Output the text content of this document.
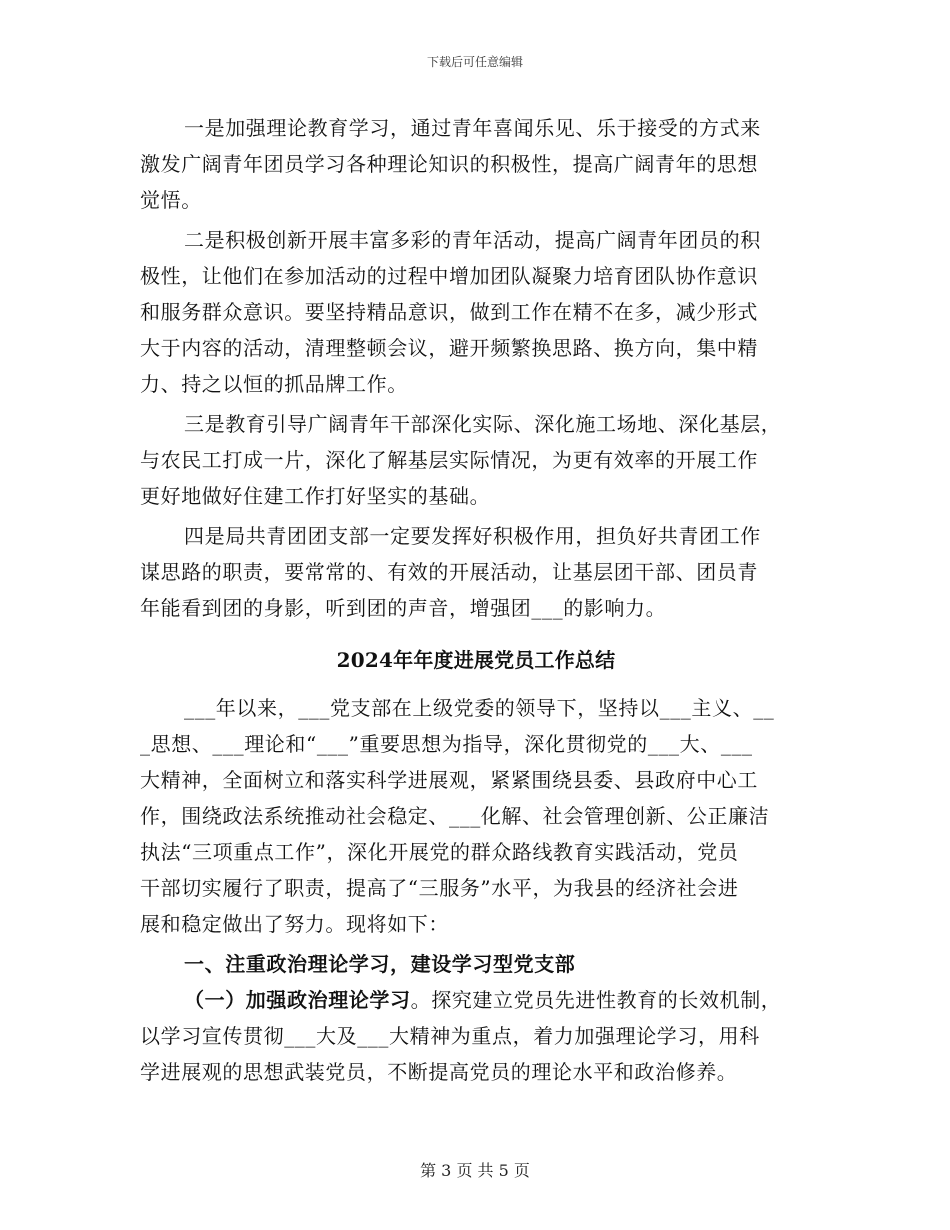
下载后可任意编辑
一是加强理论教育学习，通过青年喜闻乐见、乐于接受的方式来
激发广阔青年团员学习各种理论知识的积极性，提高广阔青年的思想
觉悟。
二是积极创新开展丰富多彩的青年活动，提高广阔青年团员的积
极性，让他们在参加活动的过程中增加团队凝聚力培育团队协作意识
和服务群众意识。要坚持精品意识，做到工作在精不在多，减少形式
大于内容的活动，清理整顿会议，避开频繁换思路、换方向，集中精
力、持之以恒的抓品牌工作。
三是教育引导广阔青年干部深化实际、深化施工场地、深化基层，
与农民工打成一片，深化了解基层实际情况，为更有效率的开展工作
更好地做好住建工作打好坚实的基础。
四是局共青团团支部一定要发挥好积极作用，担负好共青团工作
谋思路的职责，要常常的、有效的开展活动，让基层团干部、团员青
年能看到团的身影，听到团的声音，增强团___的影响力。
2024年年度进展党员工作总结
___年以来，___党支部在上级党委的领导下，坚持以___主义、__
_思想、___理论和“___”重要思想为指导，深化贯彻党的___大、___
大精神，全面树立和落实科学进展观，紧紧围绕县委、县政府中心工
作，围绕政法系统推动社会稳定、___化解、社会管理创新、公正廉洁
执法“三项重点工作”，深化开展党的群众路线教育实践活动，党员
干部切实履行了职责，提高了“三服务”水平，为我县的经济社会进
展和稳定做出了努力。现将如下：
一、注重政治理论学习，建设学习型党支部
（一）加强政治理论学习。探究建立党员先进性教育的长效机制，
以学习宣传贯彻___大及___大精神为重点，着力加强理论学习，用科
学进展观的思想武装党员，不断提高党员的理论水平和政治修养。
第 3 页 共 5 页
